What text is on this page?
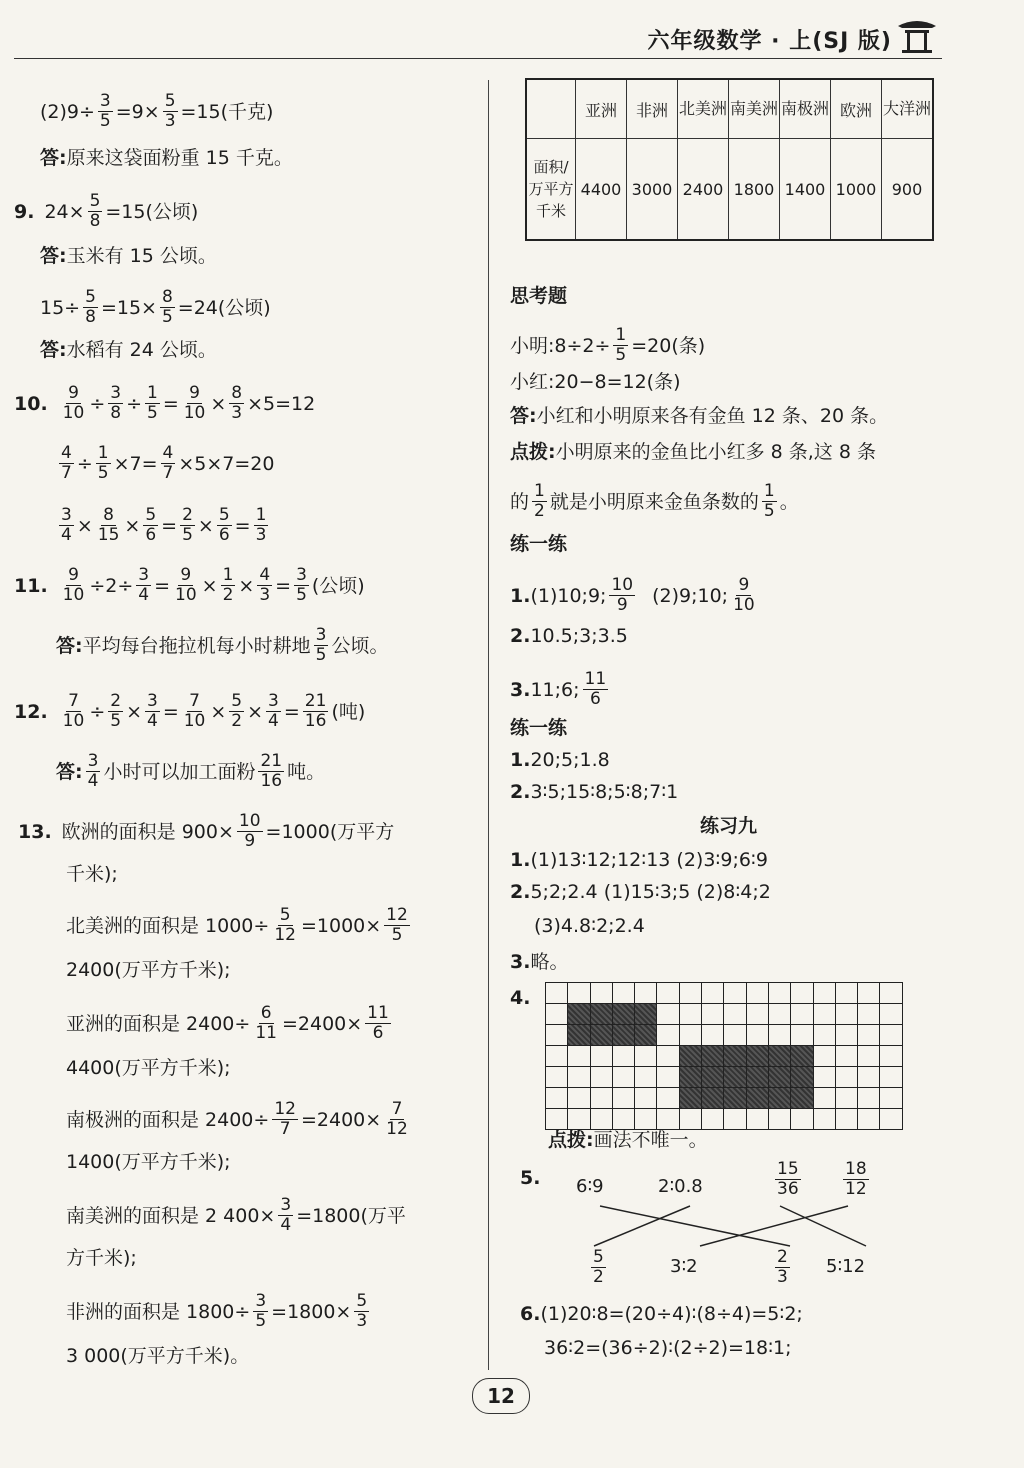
六年级数学 · 上(SJ 版)
$(2)9\div \frac{3}{5} =9\times \frac{5}{3} =15$(千克)
答: 原来这袋面粉重 15 千克。
9. $24\times \frac{5}{8} =15$(公顷)
答: 玉米有 15 公顷。
$15\div \frac{5}{8} =15\times \frac{8}{5} =24$(公顷)
答: 水稻有 24 公顷。
10. $\frac{9}{10} \div \frac{3}{8} \div \frac{1}{5} = \frac{9}{10} \times \frac{8}{3} \times 5=12$
$\frac{4}{7} \div \frac{1}{5} \times 7 = \frac{4}{7} \times 5 \times 7=20$
$\frac{3}{4} \times \frac{8}{15} \times \frac{5}{6} = \frac{2}{5} \times \frac{5}{6} = \frac{1}{3}$
11. $\frac{9}{10} \div 2\div \frac{3}{4} = \frac{9}{10} \times \frac{1}{2} \times \frac{4}{3} = \frac{3}{5}$ (公顷)
答: 平均每台拖拉机每小时耕地 $\frac{3}{5}$ 公顷。
12. $\frac{7}{10} \div \frac{2}{5} \times \frac{3}{4} = \frac{7}{10} \times \frac{5}{2} \times \frac{3}{4} = \frac{21}{16}$ (吨)
答: $\frac{3}{4}$ 小时可以加工面粉 $\frac{21}{16}$ 吨。
13. 欧洲的面积是 $900\times \frac{10}{9} =1000$(万平方
千米);
北美洲的面积是 $1000\div \frac{5}{12} =1000\times \frac{12}{5}$
2400(万平方千米);
亚洲的面积是 $2400\div \frac{6}{11} =2400\times \frac{11}{6}$
4400(万平方千米);
南极洲的面积是 $2400\div \frac{12}{7} =2400\times \frac{7}{12}$
1400(万平方千米);
南美洲的面积是 2 $400\times \frac{3}{4} =1800$(万平
方千米);
非洲的面积是 $1800\div \frac{3}{5} =1800\times \frac{5}{3}$
3 000(万平方千米)。
	亚洲	非洲	北美洲	南美洲	南极洲	欧洲	大洋洲
面积/万平方千米	4400	3000	2400	1800	1400	1000	900
思考题
小明:8÷2÷ $\frac{1}{5} =20$(条)
小红:20−8=12(条)
答: 小红和小明原来各有金鱼 12 条、20 条。
点拨: 小明原来的金鱼比小红多 8 条,这 8 条
的 $\frac{1}{2}$ 就是小明原来金鱼条数的 $\frac{1}{5}$ 。
练一练
1. (1)10;9; $\frac{10}{9}$ (2)9;10; $\frac{9}{10}$
2. 10.5;3;3.5
3. 11;6; $\frac{11}{6}$
练一练
1. 20;5;1.8
2. 3∶5;15∶8;5∶8;7∶1
练习九
1. (1)13∶12;12∶13 (2)3∶9;6∶9
2. 5;2;2.4 (1)15∶3;5 (2)8∶4;2
(3)4.8∶2;2.4
3. 略。
4.
点拨: 画法不唯一。
5. 6∶9	2∶0.8	$\frac{15}{36} \frac{18}{12}$
$\frac{5}{2}$	3∶2	$\frac{2}{3}$ 5∶12
6. (1)20∶8=(20÷4)∶(8÷4)=5∶2;
36∶2=(36÷2)∶(2÷2)=18∶1;
12
